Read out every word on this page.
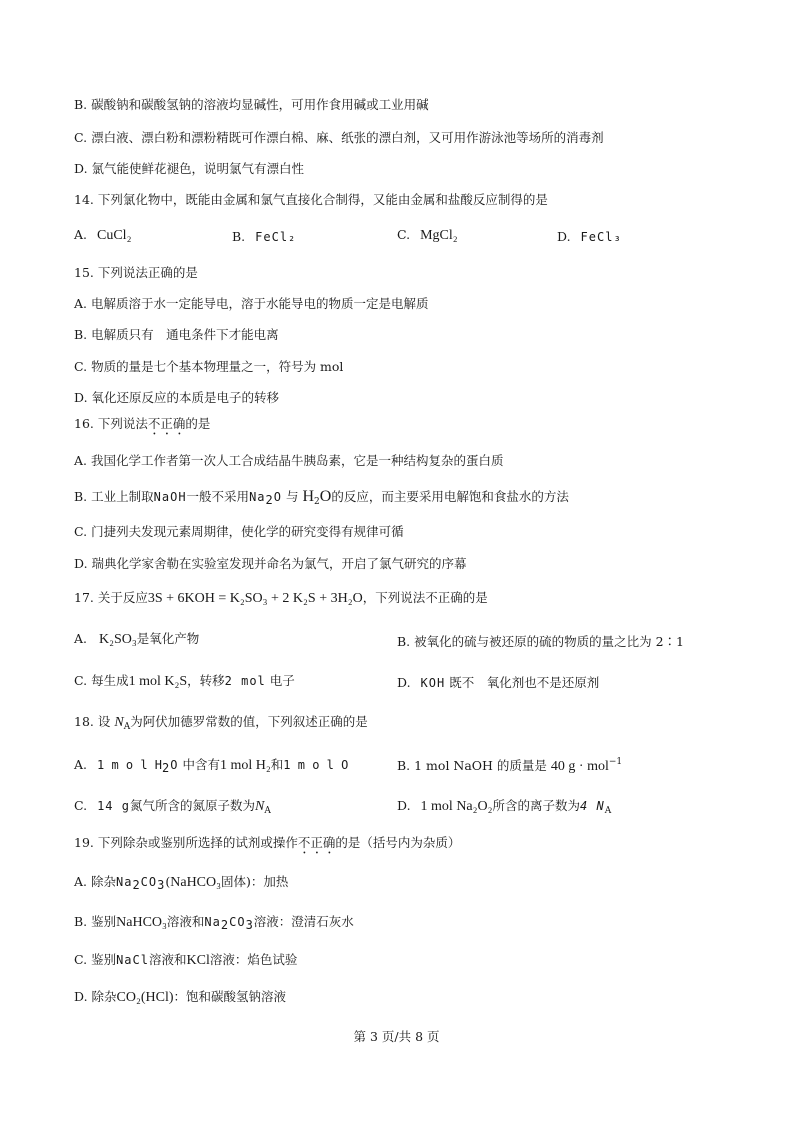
B. 碳酸钠和碳酸氢钠的溶液均显碱性，可用作食用碱或工业用碱
C. 漂白液、漂白粉和漂粉精既可作漂白棉、麻、纸张的漂白剂，又可用作游泳池等场所的消毒剂
D. 氯气能使鲜花褪色，说明氯气有漂白性
14. 下列氯化物中，既能由金属和氯气直接化合制得，又能由金属和盐酸反应制得的是
A. CuCl₂	B. FeCl₂	C. MgCl₂	D. FeCl₃
15. 下列说法正确的是
A. 电解质溶于水一定能导电，溶于水能导电的物质一定是电解质
B. 电解质只有　通电条件下才能电离
C. 物质的量是七个基本物理量之一，符号为 mol
D. 氧化还原反应的本质是电子的转移
16. 下列说法不正确的是
A. 我国化学工作者第一次人工合成结晶牛胰岛素，它是一种结构复杂的蛋白质
B. 工业上制取NaOH一般不采用$Na_2O$ 与 $H_2O$的反应，而主要采用电解饱和食盐水的方法
C. 门捷列夫发现元素周期律，使化学的研究变得有规律可循
D. 瑞典化学家舍勒在实验室发现并命名为氯气，开启了氯气研究的序幕
17. 关于反应3S + 6KOH = K₂SO₃ + 2 K₂S + 3H₂O，下列说法不正确的是
A. K₂SO₃是氧化产物	B. 被氧化的硫与被还原的硫的物质的量之比为 2∶1
C. 每生成1 mol K₂S，转移2 mol 电子	D. KOH 既不　氧化剂也不是还原剂
18. 设 $N_A$为阿伏加德罗常数的值，下列叙述正确的是
A. 1 m o l $H_2O$ 中含有1 mol H₂和1 m o l O	B. 1 mol NaOH 的质量是 40 g · mol$^{-1}$
C. 14 g氮气所含的氮原子数为$N_A$	D. 1 mol Na₂O₂所含的离子数为4 $N_A$
19. 下列除杂或鉴别所选择的试剂或操作不正确的是（括号内为杂质）
A. 除杂$Na_2CO_3(NaHCO_3$固体)：加热
B. 鉴别NaHCO₃溶液和$Na_2CO_3$溶液：澄清石灰水
C. 鉴别NaCl溶液和KCl溶液：焰色试验
D. 除杂CO₂(HCl)：饱和碳酸氢钠溶液
第 3 页/共 8 页
